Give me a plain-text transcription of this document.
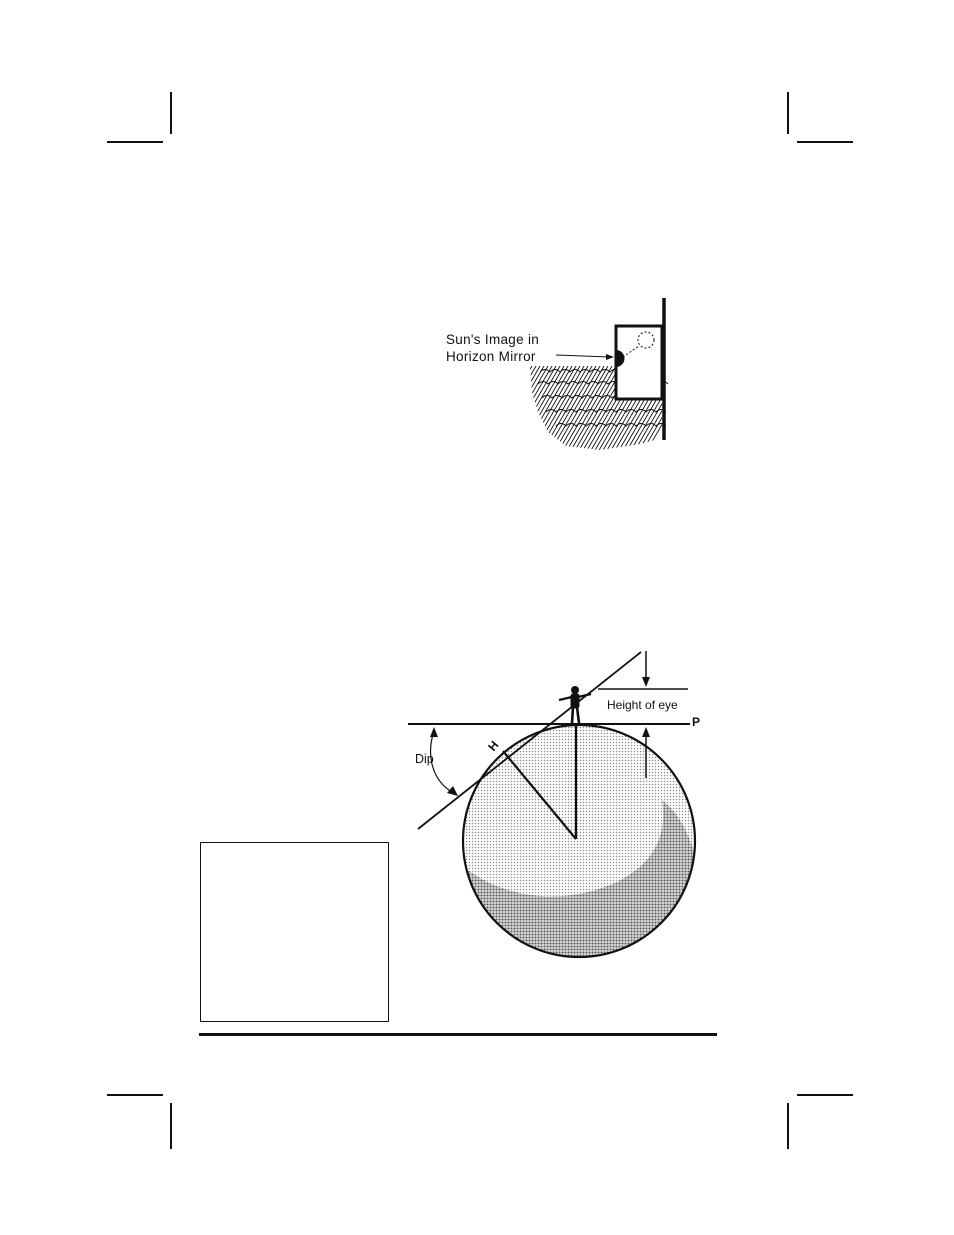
Sun's Image in
Horizon Mirror
Height of eye
Dip
H
P
